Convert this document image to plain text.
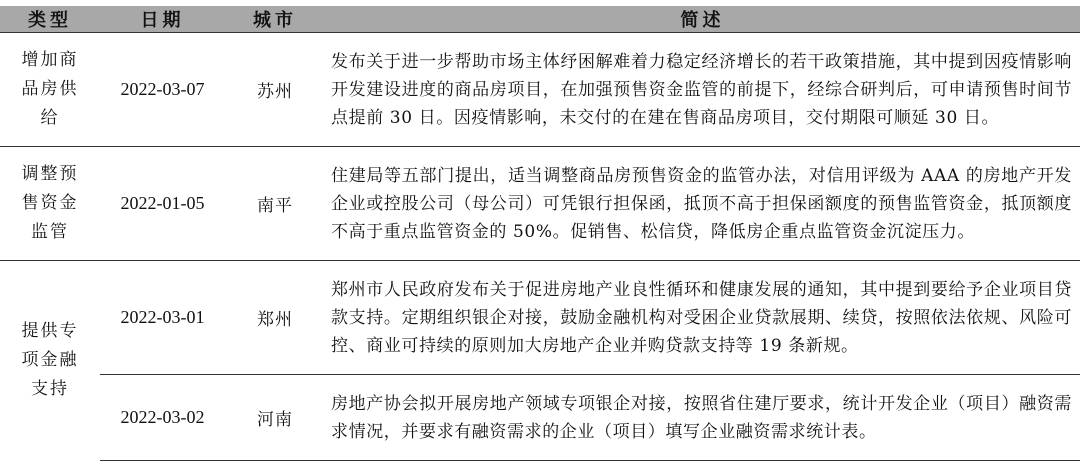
类型	日期	城市	简述
增加商品房供给	2022-03-07	苏州	发布关于进一步帮助市场主体纾困解难着力稳定经济增长的若干政策措施，其中提到因疫情影响开发建设进度的商品房项目，在加强预售资金监管的前提下，经综合研判后，可申请预售时间节点提前 30 日。因疫情影响，未交付的在建在售商品房项目，交付期限可顺延 30 日。
调整预售资金监管	2022-01-05	南平	住建局等五部门提出，适当调整商品房预售资金的监管办法，对信用评级为 AAA 的房地产开发企业或控股公司（母公司）可凭银行担保函，抵顶不高于担保函额度的预售监管资金，抵顶额度不高于重点监管资金的 50%。促销售、松信贷，降低房企重点监管资金沉淀压力。
提供专项金融支持	2022-03-01	郑州	郑州市人民政府发布关于促进房地产业良性循环和健康发展的通知，其中提到要给予企业项目贷款支持。定期组织银企对接，鼓励金融机构对受困企业贷款展期、续贷，按照依法依规、风险可控、商业可持续的原则加大房地产企业并购贷款支持等 19 条新规。
	2022-03-02	河南	房地产协会拟开展房地产领域专项银企对接，按照省住建厅要求，统计开发企业（项目）融资需求情况，并要求有融资需求的企业（项目）填写企业融资需求统计表。
